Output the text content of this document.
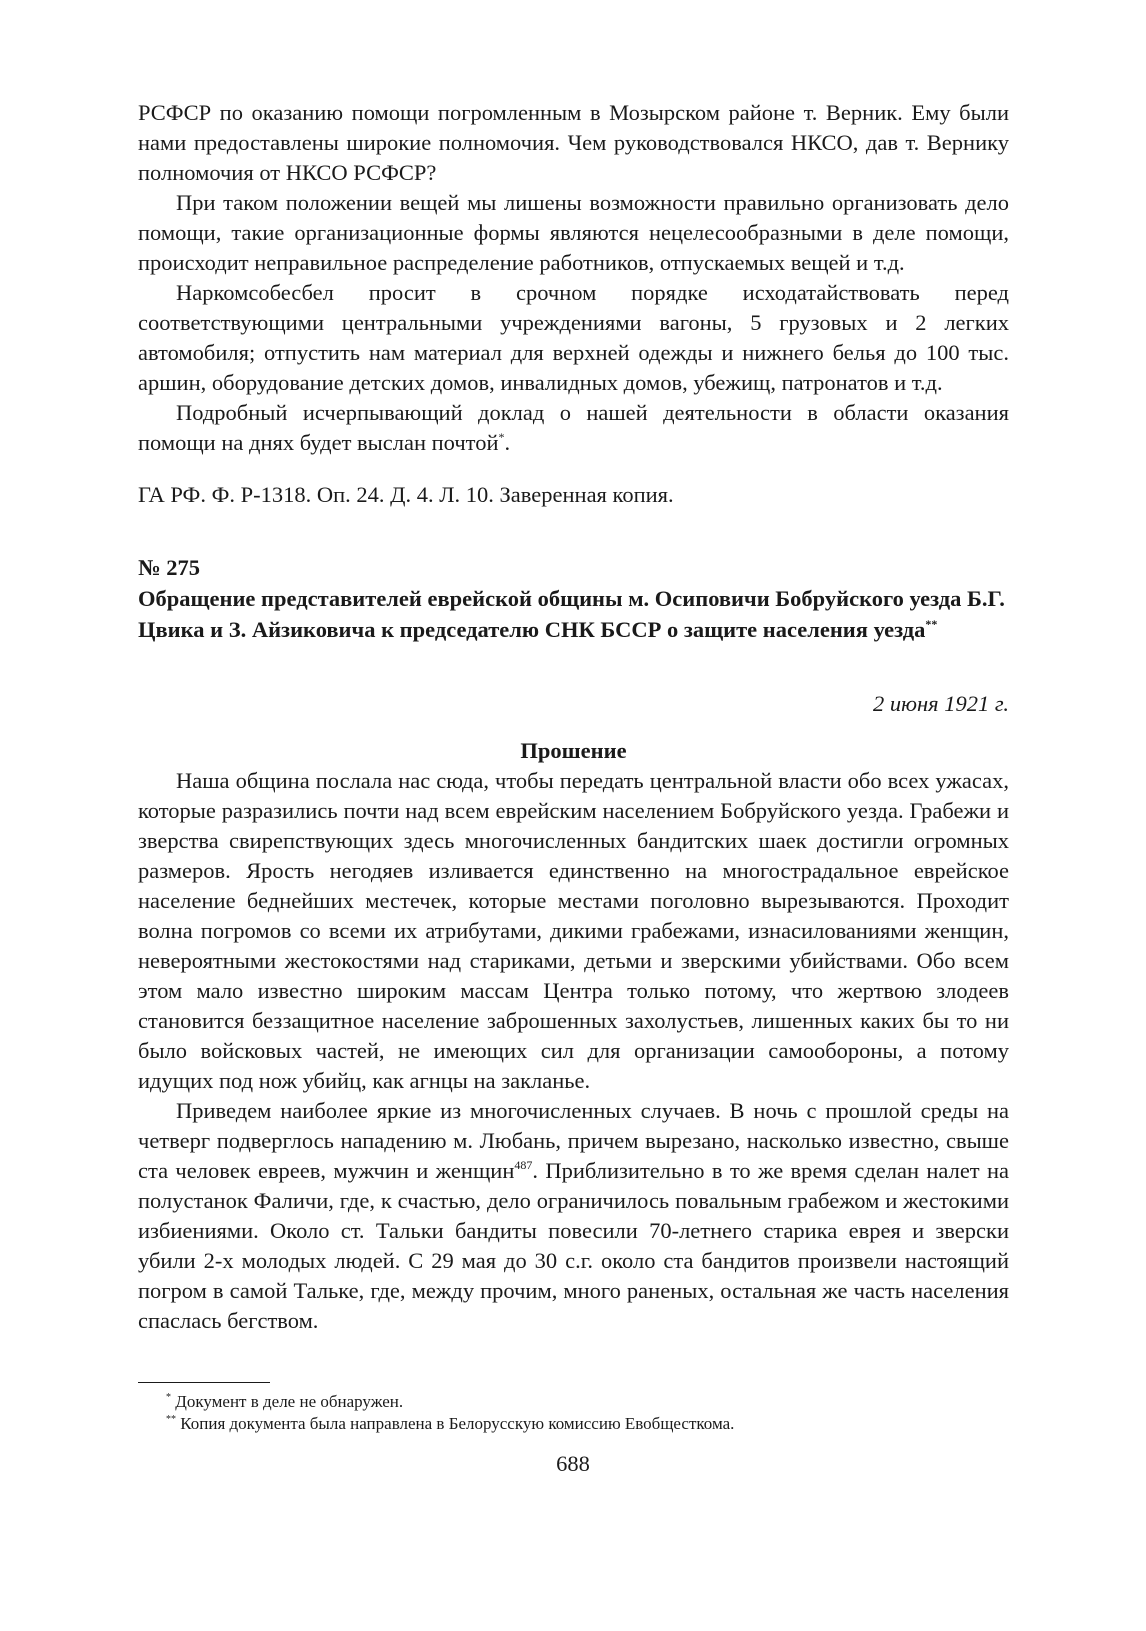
РСФСР по оказанию помощи погромленным в Мозырском районе т. Верник. Ему были нами предоставлены широкие полномочия. Чем руководствовался НКСО, дав т. Вернику полномочия от НКСО РСФСР?

При таком положении вещей мы лишены возможности правильно организовать дело помощи, такие организационные формы являются нецелесообразными в деле помощи, происходит неправильное распределение работников, отпускаемых вещей и т.д.

Наркомсобесбел просит в срочном порядке исходатайствовать перед соответствующими центральными учреждениями вагоны, 5 грузовых и 2 легких автомобиля; отпустить нам материал для верхней одежды и нижнего белья до 100 тыс. аршин, оборудование детских домов, инвалидных домов, убежищ, патронатов и т.д.

Подробный исчерпывающий доклад о нашей деятельности в области оказания помощи на днях будет выслан почтой*.

ГА РФ. Ф. Р-1318. Оп. 24. Д. 4. Л. 10. Заверенная копия.

№ 275

Обращение представителей еврейской общины м. Осиповичи Бобруйского уезда Б.Г. Цвика и З. Айзиковича к председателю СНК БССР о защите населения уезда**

2 июня 1921 г.

Прошение

Наша община послала нас сюда, чтобы передать центральной власти обо всех ужасах, которые разразились почти над всем еврейским населением Бобруйского уезда. Грабежи и зверства свирепствующих здесь многочисленных бандитских шаек достигли огромных размеров. Ярость негодяев изливается единственно на многострадальное еврейское население беднейших местечек, которые местами поголовно вырезываются. Проходит волна погромов со всеми их атрибутами, дикими грабежами, изнасилованиями женщин, невероятными жестокостями над стариками, детьми и зверскими убийствами. Обо всем этом мало известно широким массам Центра только потому, что жертвою злодеев становится беззащитное население заброшенных захолустьев, лишенных каких бы то ни было войсковых частей, не имеющих сил для организации самообороны, а потому идущих под нож убийц, как агнцы на закланье.

Приведем наиболее яркие из многочисленных случаев. В ночь с прошлой среды на четверг подверглось нападению м. Любань, причем вырезано, насколько известно, свыше ста человек евреев, мужчин и женщин$^{487}$. Приблизительно в то же время сделан налет на полустанок Фаличи, где, к счастью, дело ограничилось повальным грабежом и жестокими избиениями. Около ст. Тальки бандиты повесили 70-летнего старика еврея и зверски убили 2-х молодых людей. С 29 мая до 30 с.г. около ста бандитов произвели настоящий погром в самой Тальке, где, между прочим, много раненых, остальная же часть населения спаслась бегством.

* Документ в деле не обнаружен.

** Копия документа была направлена в Белорусскую комиссию Евобщесткома.

688
